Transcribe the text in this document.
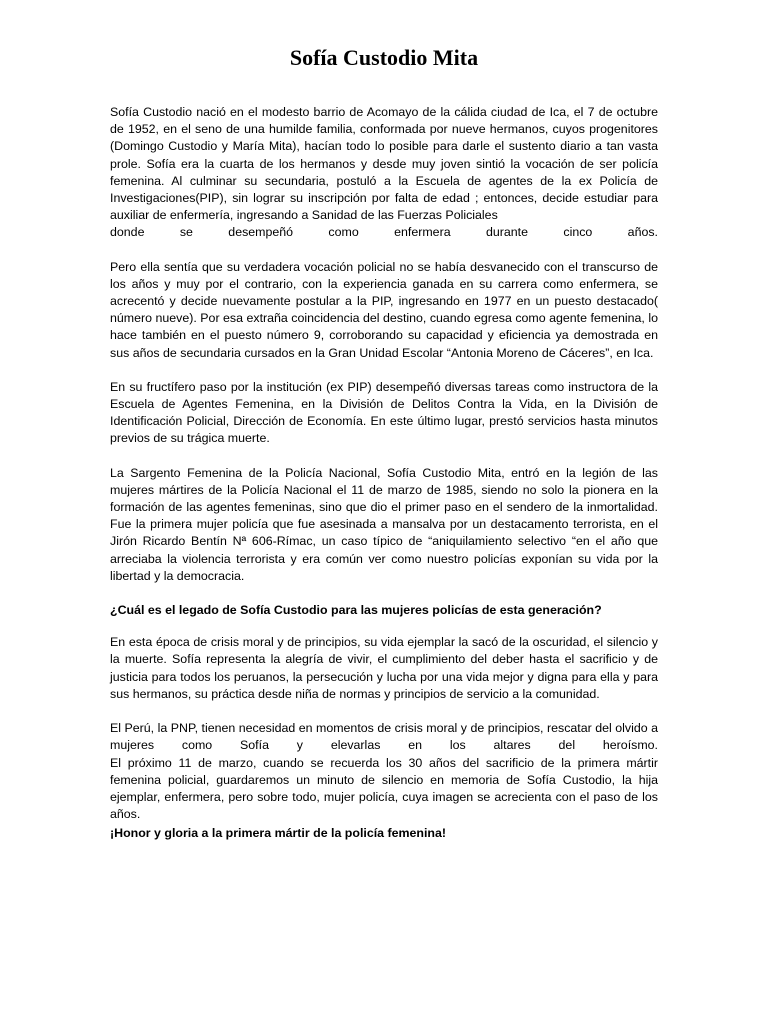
Sofía Custodio Mita

Sofía Custodio nació en el modesto barrio de Acomayo de la cálida ciudad de Ica, el 7 de octubre de 1952, en el seno de una humilde familia, conformada por nueve hermanos, cuyos progenitores (Domingo Custodio y María Mita), hacían todo lo posible para darle el sustento diario a tan vasta prole. Sofía era la cuarta de los hermanos y desde muy joven sintió la vocación de ser policía femenina. Al culminar su secundaria, postuló a la Escuela de agentes de la ex Policía de Investigaciones(PIP), sin lograr su inscripción por falta de edad ; entonces, decide estudiar para auxiliar de enfermería, ingresando a Sanidad de las Fuerzas Policiales

donde se desempeñó como enfermera durante cinco años.

Pero ella sentía que su verdadera vocación policial no se había desvanecido con el transcurso de los años y muy por el contrario, con la experiencia ganada en su carrera como enfermera, se acrecentó y decide nuevamente postular a la PIP, ingresando en 1977 en un puesto destacado( número nueve). Por esa extraña coincidencia del destino, cuando egresa como agente femenina, lo hace también en el puesto número 9, corroborando su capacidad y eficiencia ya demostrada en sus años de secundaria cursados en la Gran Unidad Escolar “Antonia Moreno de Cáceres”, en Ica.

En su fructífero paso por la institución (ex PIP) desempeñó diversas tareas como instructora de la Escuela de Agentes Femenina, en la División de Delitos Contra la Vida, en la División de Identificación Policial, Dirección de Economía. En este último lugar, prestó servicios hasta minutos previos de su trágica muerte.

La Sargento Femenina de la Policía Nacional, Sofía Custodio Mita, entró en la legión de las mujeres mártires de la Policía Nacional el 11 de marzo de 1985, siendo no solo la pionera en la formación de las agentes femeninas, sino que dio el primer paso en el sendero de la inmortalidad. Fue la primera mujer policía que fue asesinada a mansalva por un destacamento terrorista, en el Jirón Ricardo Bentín Nª 606-Rímac, un caso típico de “aniquilamiento selectivo “en el año que arreciaba la violencia terrorista y era común ver como nuestro policías exponían su vida por la libertad y la democracia.

¿Cuál es el legado de Sofía Custodio para las mujeres policías de esta generación?

En esta época de crisis moral y de principios, su vida ejemplar la sacó de la oscuridad, el silencio y la muerte. Sofía representa la alegría de vivir, el cumplimiento del deber hasta el sacrificio y de justicia para todos los peruanos, la persecución y lucha por una vida mejor y digna para ella y para sus hermanos, su práctica desde niña de normas y principios de servicio a la comunidad.

El Perú, la PNP, tienen necesidad en momentos de crisis moral y de principios, rescatar del olvido a mujeres como Sofía y elevarlas en los altares del heroísmo.

El próximo 11 de marzo, cuando se recuerda los 30 años del sacrificio de la primera mártir femenina policial, guardaremos un minuto de silencio en memoria de Sofía Custodio, la hija ejemplar, enfermera, pero sobre todo, mujer policía, cuya imagen se acrecienta con el paso de los años.

¡Honor y gloria a la primera mártir de la policía femenina!
